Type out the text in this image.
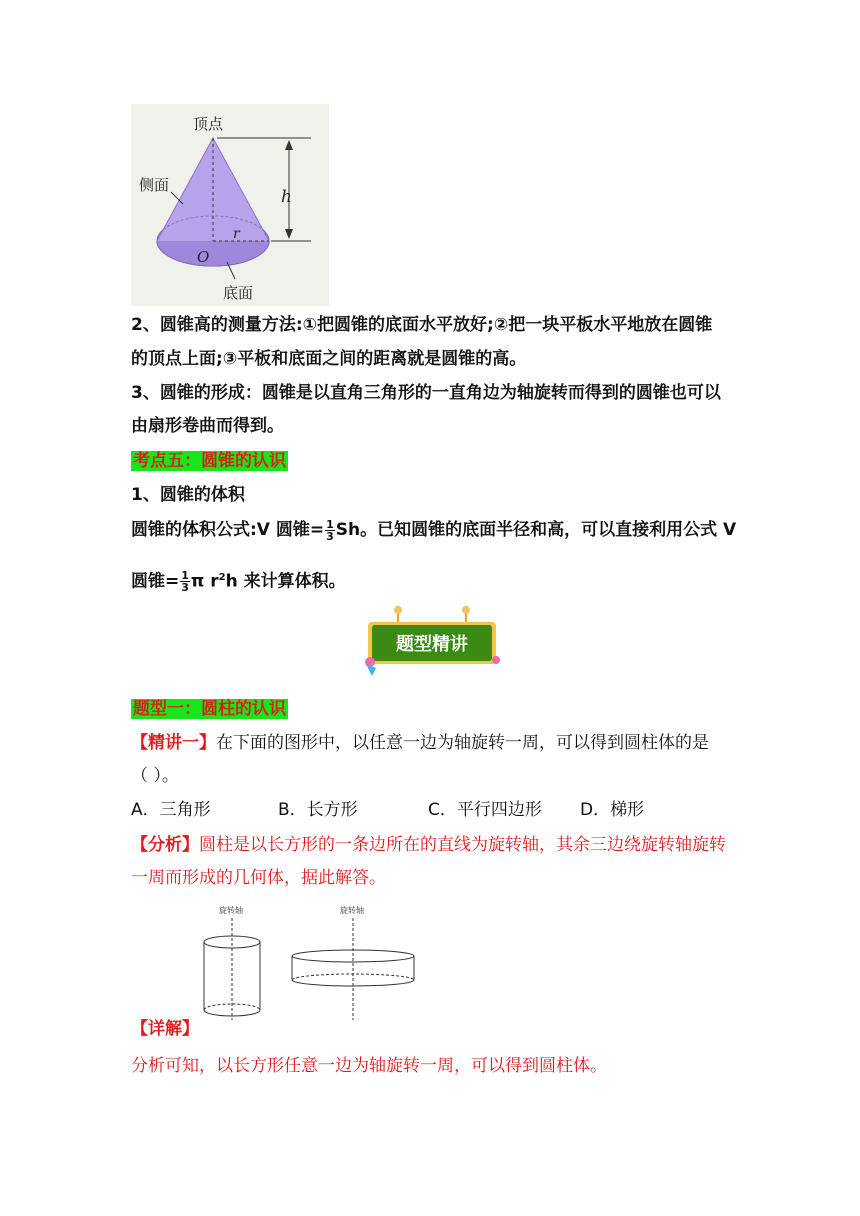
顶点
侧面
h
r
O
底面
2、圆锥高的测量方法:①把圆锥的底面水平放好;②把一块平板水平地放在圆锥
的顶点上面;③平板和底面之间的距离就是圆锥的高。
3、圆锥的形成：圆锥是以直角三角形的一直角边为轴旋转而得到的圆锥也可以
由扇形卷曲而得到。
考点五：圆锥的认识
1、圆锥的体积
圆锥的体积公式:V 圆锥= $\frac{1}{3}$ Sh。已知圆锥的底面半径和高，可以直接利用公式 V
圆锥= $\frac{1}{3}$ π $r^2h$ 来计算体积。
题型精讲
题型一：圆柱的认识
【精讲一】在下面的图形中，以任意一边为轴旋转一周，可以得到圆柱体的是
（ ）。
A．三角形	B．长方形	C．平行四边形 D．梯形
【分析】圆柱是以长方形的一条边所在的直线为旋转轴，其余三边绕旋转轴旋转
一周而形成的几何体，据此解答。
旋转轴	旋转轴
【详解】
分析可知，以长方形任意一边为轴旋转一周，可以得到圆柱体。
